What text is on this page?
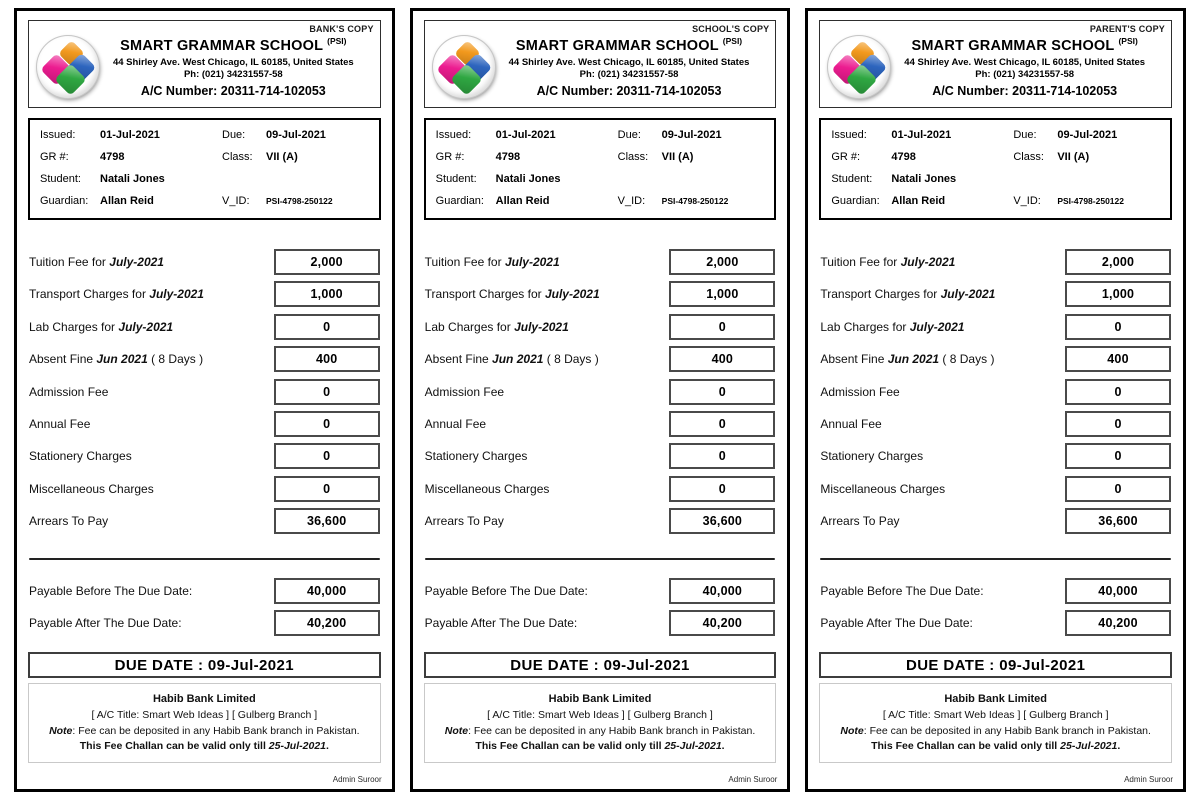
BANK'S COPY
SMART GRAMMAR SCHOOL $^{(PSI)}$
44 Shirley Ave. West Chicago, IL 60185, United States
Ph: (021) 34231557-58
A/C Number: 20311-714-102053
Issued:	01-Jul-2021	Due:	09-Jul-2021
GR #:	4798	Class:	VII (A)
Student:	Natali Jones
Guardian:	Allan Reid	V_ID:	PSI-4798-250122
Tuition Fee for July-2021	2,000
Transport Charges for July-2021	1,000
Lab Charges for July-2021	0
Absent Fine Jun 2021 ( 8 Days )	400
Admission Fee	0
Annual Fee	0
Stationery Charges	0
Miscellaneous Charges	0
Arrears To Pay	36,600
Payable Before The Due Date:	40,000
Payable After The Due Date:	40,200
DUE DATE : 09-Jul-2021
Habib Bank Limited
[ A/C Title: Smart Web Ideas ] [ Gulberg Branch ]
Note: Fee can be deposited in any Habib Bank branch in Pakistan.
This Fee Challan can be valid only till 25-Jul-2021.
Admin Suroor
SCHOOL'S COPY
SMART GRAMMAR SCHOOL $^{(PSI)}$
44 Shirley Ave. West Chicago, IL 60185, United States
Ph: (021) 34231557-58
A/C Number: 20311-714-102053
Issued:	01-Jul-2021	Due:	09-Jul-2021
GR #:	4798	Class:	VII (A)
Student:	Natali Jones
Guardian:	Allan Reid	V_ID:	PSI-4798-250122
Tuition Fee for July-2021	2,000
Transport Charges for July-2021	1,000
Lab Charges for July-2021	0
Absent Fine Jun 2021 ( 8 Days )	400
Admission Fee	0
Annual Fee	0
Stationery Charges	0
Miscellaneous Charges	0
Arrears To Pay	36,600
Payable Before The Due Date:	40,000
Payable After The Due Date:	40,200
DUE DATE : 09-Jul-2021
Habib Bank Limited
[ A/C Title: Smart Web Ideas ] [ Gulberg Branch ]
Note: Fee can be deposited in any Habib Bank branch in Pakistan.
This Fee Challan can be valid only till 25-Jul-2021.
Admin Suroor
PARENT'S COPY
SMART GRAMMAR SCHOOL $^{(PSI)}$
44 Shirley Ave. West Chicago, IL 60185, United States
Ph: (021) 34231557-58
A/C Number: 20311-714-102053
Issued:	01-Jul-2021	Due:	09-Jul-2021
GR #:	4798	Class:	VII (A)
Student:	Natali Jones
Guardian:	Allan Reid	V_ID:	PSI-4798-250122
Tuition Fee for July-2021	2,000
Transport Charges for July-2021	1,000
Lab Charges for July-2021	0
Absent Fine Jun 2021 ( 8 Days )	400
Admission Fee	0
Annual Fee	0
Stationery Charges	0
Miscellaneous Charges	0
Arrears To Pay	36,600
Payable Before The Due Date:	40,000
Payable After The Due Date:	40,200
DUE DATE : 09-Jul-2021
Habib Bank Limited
[ A/C Title: Smart Web Ideas ] [ Gulberg Branch ]
Note: Fee can be deposited in any Habib Bank branch in Pakistan.
This Fee Challan can be valid only till 25-Jul-2021.
Admin Suroor
